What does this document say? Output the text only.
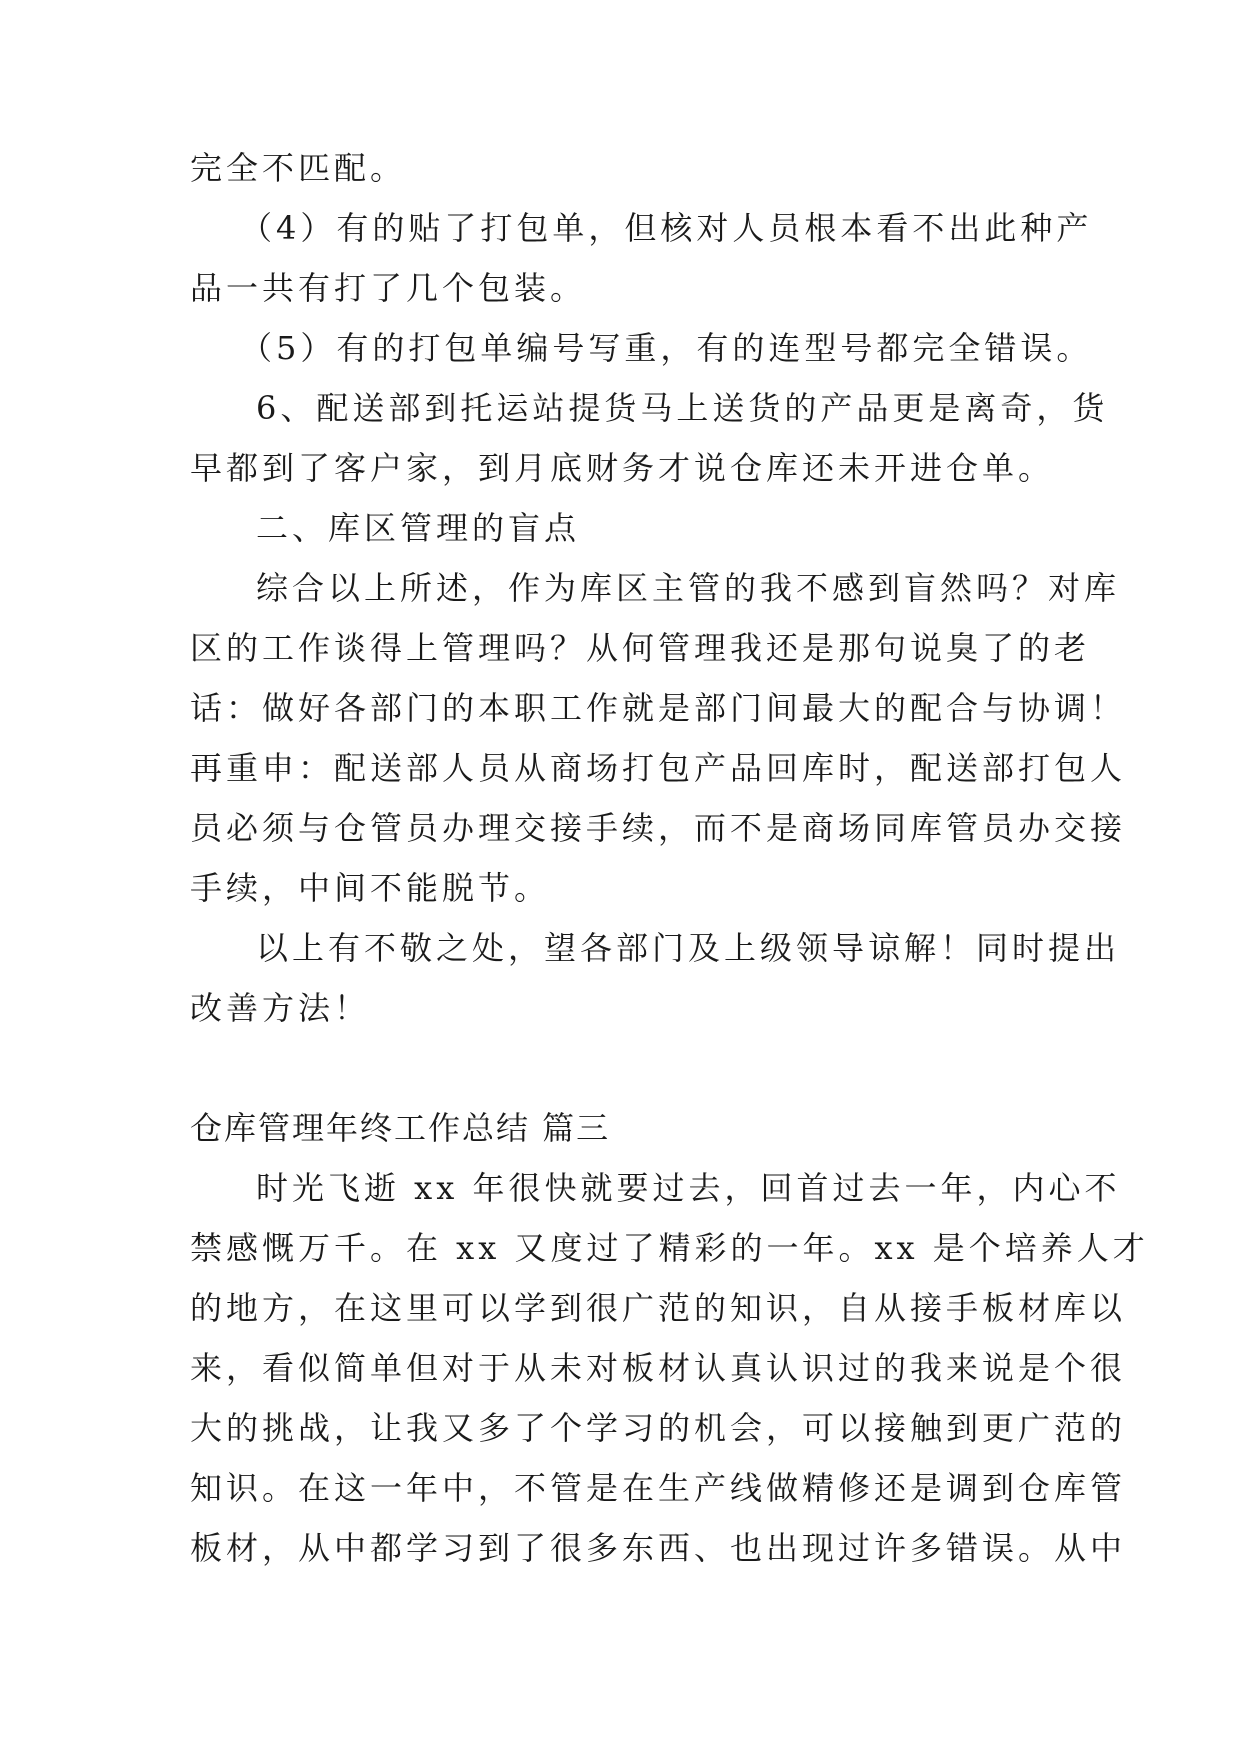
完全不匹配。
（4）有的贴了打包单，但核对人员根本看不出此种产
品一共有打了几个包装。
（5）有的打包单编号写重，有的连型号都完全错误。
6、配送部到托运站提货马上送货的产品更是离奇，货
早都到了客户家，到月底财务才说仓库还未开进仓单。
二、库区管理的盲点
综合以上所述，作为库区主管的我不感到盲然吗？对库
区的工作谈得上管理吗？从何管理我还是那句说臭了的老
话：做好各部门的本职工作就是部门间最大的配合与协调！
再重申：配送部人员从商场打包产品回库时，配送部打包人
员必须与仓管员办理交接手续，而不是商场同库管员办交接
手续，中间不能脱节。
以上有不敬之处，望各部门及上级领导谅解！同时提出
改善方法！
仓库管理年终工作总结 篇三
时光飞逝 xx 年很快就要过去，回首过去一年，内心不
禁感慨万千。在 xx 又度过了精彩的一年。xx 是个培养人才
的地方，在这里可以学到很广范的知识，自从接手板材库以
来，看似简单但对于从未对板材认真认识过的我来说是个很
大的挑战，让我又多了个学习的机会，可以接触到更广范的
知识。在这一年中，不管是在生产线做精修还是调到仓库管
板材，从中都学习到了很多东西、也出现过许多错误。从中
